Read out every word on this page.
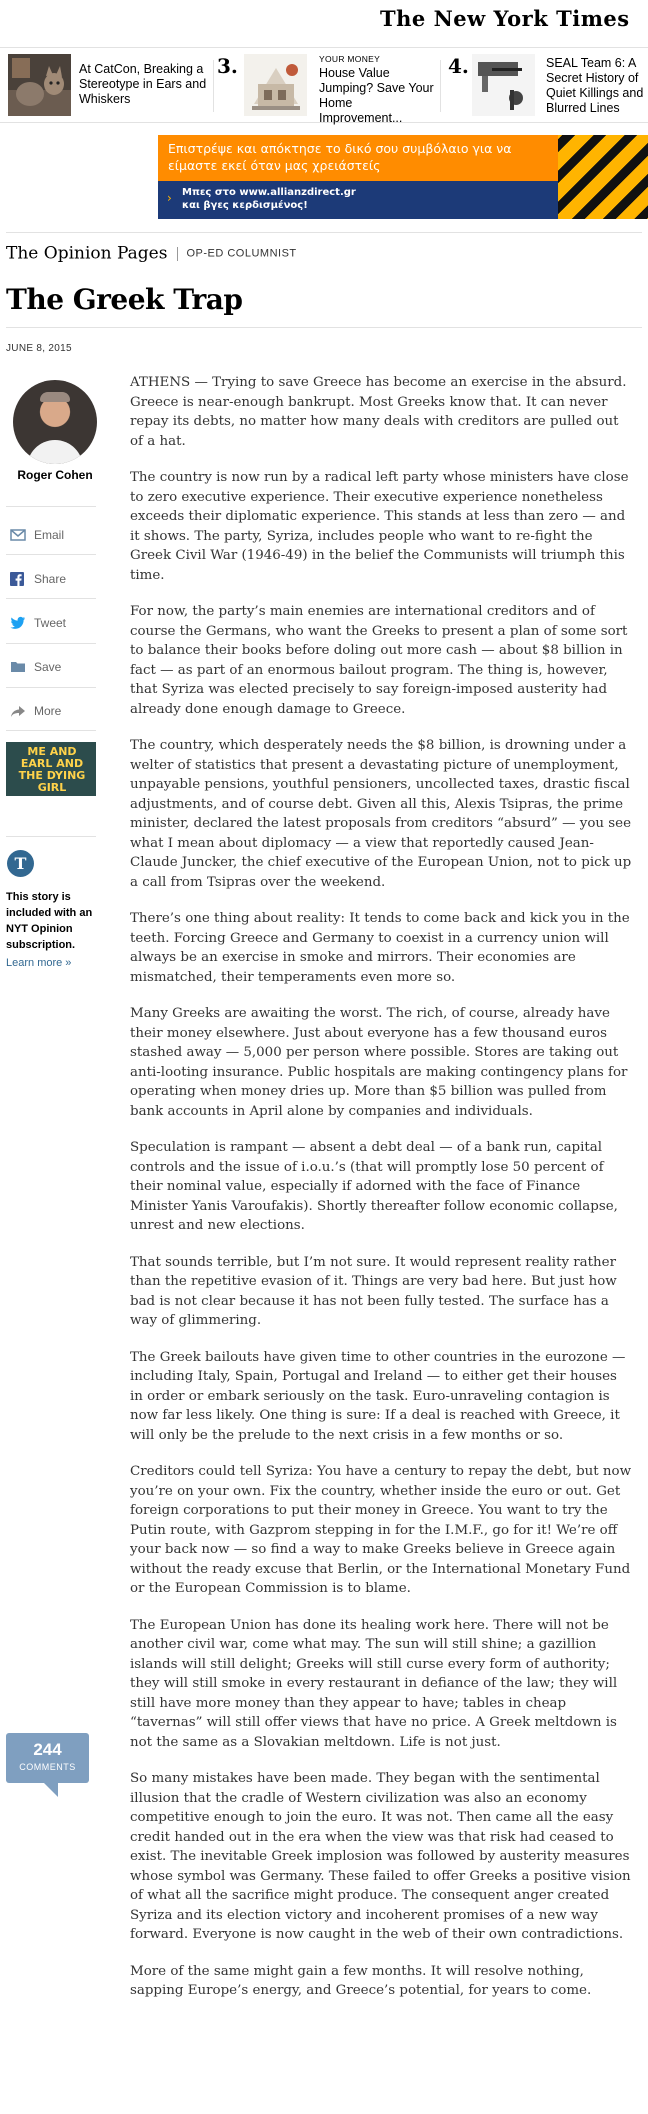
The New York Times
At CatCon, Breaking a Stereotype in Ears and Whiskers
3.	YOUR MONEY
House Value Jumping? Save Your Home Improvement...
4.	SEAL Team 6: A Secret History of Quiet Killings and Blurred Lines
Επιστρέψε και απόκτησε το δικό σου συμβόλαιο για να είμαστε εκεί όταν μας χρειάστείς
› Μπες στο www.allianzdirect.gr
και βγες κερδισμένος!
The Opinion Pages OP-ED COLUMNIST
The Greek Trap
JUNE 8, 2015
Roger Cohen
Email
Share
Tweet
Save
More
ME AND EARL AND THE DYING GIRL
T
This story is included with an NYT Opinion subscription.
Learn more »
244
COMMENTS

ATHENS — Trying to save Greece has become an exercise in the absurd. Greece is near-enough bankrupt. Most Greeks know that. It can never repay its debts, no matter how many deals with creditors are pulled out of a hat.

The country is now run by a radical left party whose ministers have close to zero executive experience. Their executive experience nonetheless exceeds their diplomatic experience. This stands at less than zero — and it shows. The party, Syriza, includes people who want to re-fight the Greek Civil War (1946-49) in the belief the Communists will triumph this time.

For now, the party’s main enemies are international creditors and of course the Germans, who want the Greeks to present a plan of some sort to balance their books before doling out more cash — about $8 billion in fact — as part of an enormous bailout program. The thing is, however, that Syriza was elected precisely to say foreign-imposed austerity had already done enough damage to Greece.

The country, which desperately needs the $8 billion, is drowning under a welter of statistics that present a devastating picture of unemployment, unpayable pensions, youthful pensioners, uncollected taxes, drastic fiscal adjustments, and of course debt. Given all this, Alexis Tsipras, the prime minister, declared the latest proposals from creditors “absurd” — you see what I mean about diplomacy — a view that reportedly caused Jean-Claude Juncker, the chief executive of the European Union, not to pick up a call from Tsipras over the weekend.

There’s one thing about reality: It tends to come back and kick you in the teeth. Forcing Greece and Germany to coexist in a currency union will always be an exercise in smoke and mirrors. Their economies are mismatched, their temperaments even more so.

Many Greeks are awaiting the worst. The rich, of course, already have their money elsewhere. Just about everyone has a few thousand euros stashed away — 5,000 per person where possible. Stores are taking out anti-looting insurance. Public hospitals are making contingency plans for operating when money dries up. More than $5 billion was pulled from bank accounts in April alone by companies and individuals.

Speculation is rampant — absent a debt deal — of a bank run, capital controls and the issue of i.o.u.’s (that will promptly lose 50 percent of their nominal value, especially if adorned with the face of Finance Minister Yanis Varoufakis). Shortly thereafter follow economic collapse, unrest and new elections.

That sounds terrible, but I’m not sure. It would represent reality rather than the repetitive evasion of it. Things are very bad here. But just how bad is not clear because it has not been fully tested. The surface has a way of glimmering.

The Greek bailouts have given time to other countries in the eurozone — including Italy, Spain, Portugal and Ireland — to either get their houses in order or embark seriously on the task. Euro-unraveling contagion is now far less likely. One thing is sure: If a deal is reached with Greece, it will only be the prelude to the next crisis in a few months or so.

Creditors could tell Syriza: You have a century to repay the debt, but now you’re on your own. Fix the country, whether inside the euro or out. Get foreign corporations to put their money in Greece. You want to try the Putin route, with Gazprom stepping in for the I.M.F., go for it! We’re off your back now — so find a way to make Greeks believe in Greece again without the ready excuse that Berlin, or the International Monetary Fund or the European Commission is to blame.

The European Union has done its healing work here. There will not be another civil war, come what may. The sun will still shine; a gazillion islands will still delight; Greeks will still curse every form of authority; they will still smoke in every restaurant in defiance of the law; they will still have more money than they appear to have; tables in cheap “tavernas” will still offer views that have no price. A Greek meltdown is not the same as a Slovakian meltdown. Life is not just.

So many mistakes have been made. They began with the sentimental illusion that the cradle of Western civilization was also an economy competitive enough to join the euro. It was not. Then came all the easy credit handed out in the era when the view was that risk had ceased to exist. The inevitable Greek implosion was followed by austerity measures whose symbol was Germany. These failed to offer Greeks a positive vision of what all the sacrifice might produce. The consequent anger created Syriza and its election victory and incoherent promises of a new way forward. Everyone is now caught in the web of their own contradictions.

More of the same might gain a few months. It will resolve nothing, sapping Europe’s energy, and Greece’s potential, for years to come.
